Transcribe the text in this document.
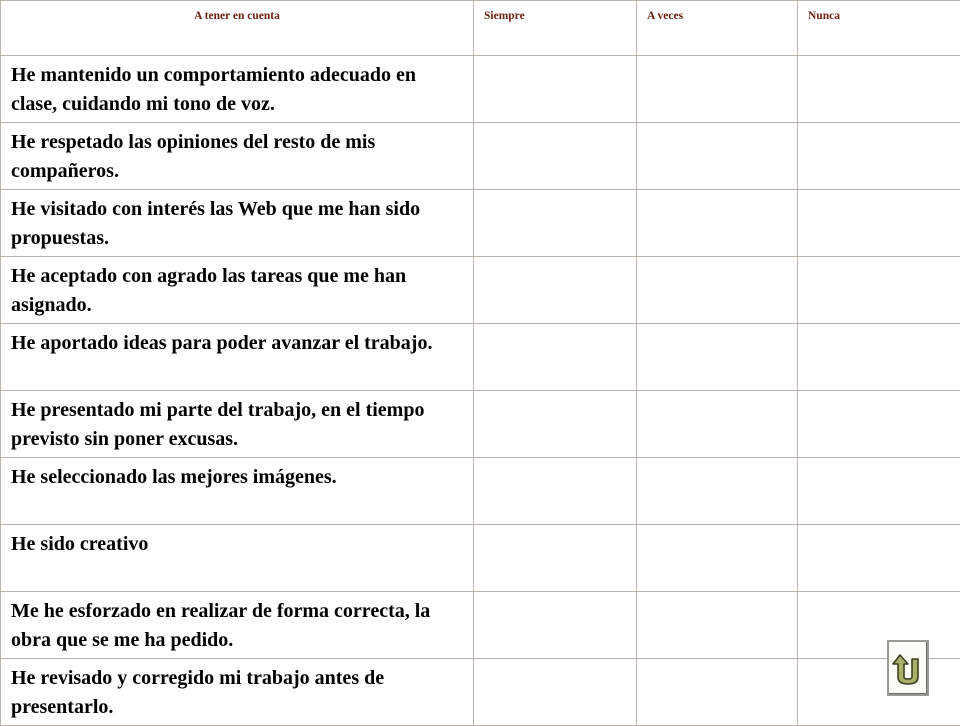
A tener en cuenta	Siempre	A veces	Nunca
He mantenido un comportamiento adecuado en clase, cuidando mi tono de voz.			
He respetado las opiniones del resto de mis compañeros.			
He visitado con interés las Web que me han sido propuestas.			
He aceptado con agrado las tareas que me han asignado.			
He aportado ideas para poder avanzar el trabajo.			
He presentado mi parte del trabajo, en el tiempo previsto sin poner excusas.			
He seleccionado las mejores imágenes.			
He sido creativo			
Me he esforzado en realizar de forma correcta, la obra que se me ha pedido.			
He revisado y corregido mi trabajo antes de presentarlo.			
